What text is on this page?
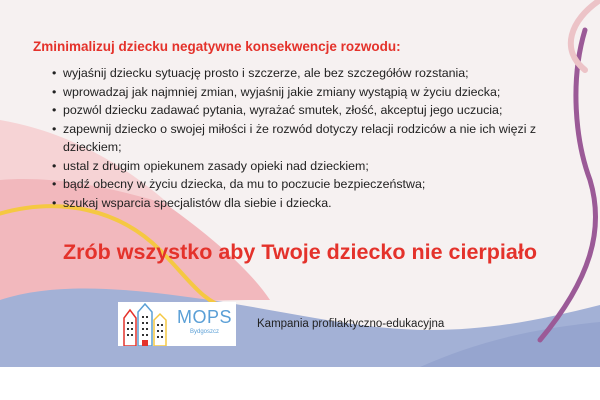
Zminimalizuj dziecku negatywne konsekwencje rozwodu:

• wyjaśnij dziecku sytuację prosto i szczerze, ale bez szczegółów rozstania;
• wprowadzaj jak najmniej zmian, wyjaśnij jakie zmiany wystąpią w życiu dziecka;
• pozwól dziecku zadawać pytania, wyrażać smutek, złość, akceptuj jego uczucia;
• zapewnij dziecko o swojej miłości i że rozwód dotyczy relacji rodziców a nie ich więzi z dzieckiem;
• ustal z drugim opiekunem zasady opieki nad dzieckiem;
• bądź obecny w życiu dziecka, da mu to poczucie bezpieczeństwa;
• szukaj wsparcia specjalistów dla siebie i dziecka.

Zrób wszystko aby Twoje dziecko nie cierpiało

MOPS
Bydgoszcz
Kampania profilaktyczno-edukacyjna
